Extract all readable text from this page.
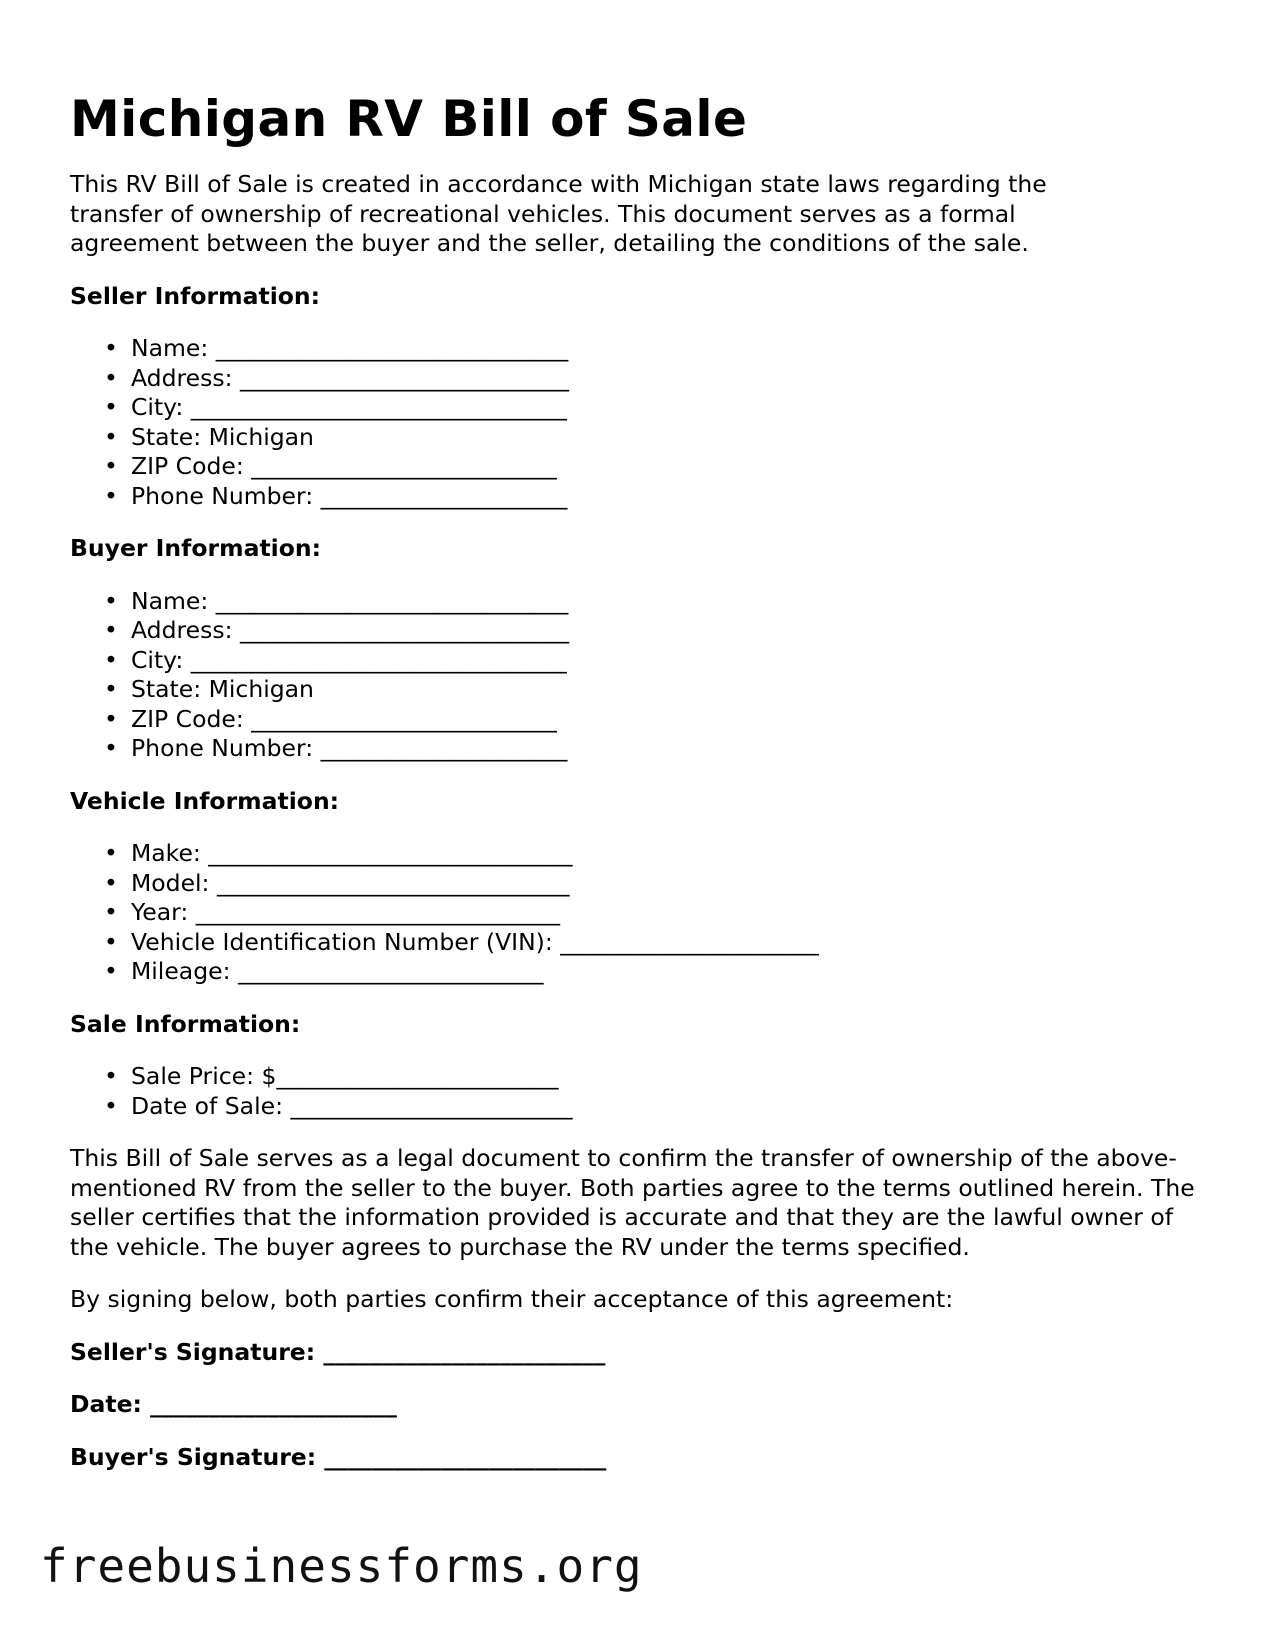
Michigan RV Bill of Sale

This RV Bill of Sale is created in accordance with Michigan state laws regarding the transfer of ownership of recreational vehicles. This document serves as a formal agreement between the buyer and the seller, detailing the conditions of the sale.

Seller Information:
• Name: ______________________________
• Address: ____________________________
• City: ________________________________
• State: Michigan
• ZIP Code: __________________________
• Phone Number: _____________________
Buyer Information:
• Name: ______________________________
• Address: ____________________________
• City: ________________________________
• State: Michigan
• ZIP Code: __________________________
• Phone Number: _____________________
Vehicle Information:
• Make: _______________________________
• Model: ______________________________
• Year: _______________________________
• Vehicle Identification Number (VIN): ______________________
• Mileage: __________________________
Sale Information:
• Sale Price: $________________________
• Date of Sale: ________________________

This Bill of Sale serves as a legal document to confirm the transfer of ownership of the above-mentioned RV from the seller to the buyer. Both parties agree to the terms outlined herein. The seller certifies that the information provided is accurate and that they are the lawful owner of the vehicle. The buyer agrees to purchase the RV under the terms specified.

By signing below, both parties confirm their acceptance of this agreement:

Seller's Signature: ________________________

Date: _____________________

Buyer's Signature: ________________________

freebusinessforms.org
